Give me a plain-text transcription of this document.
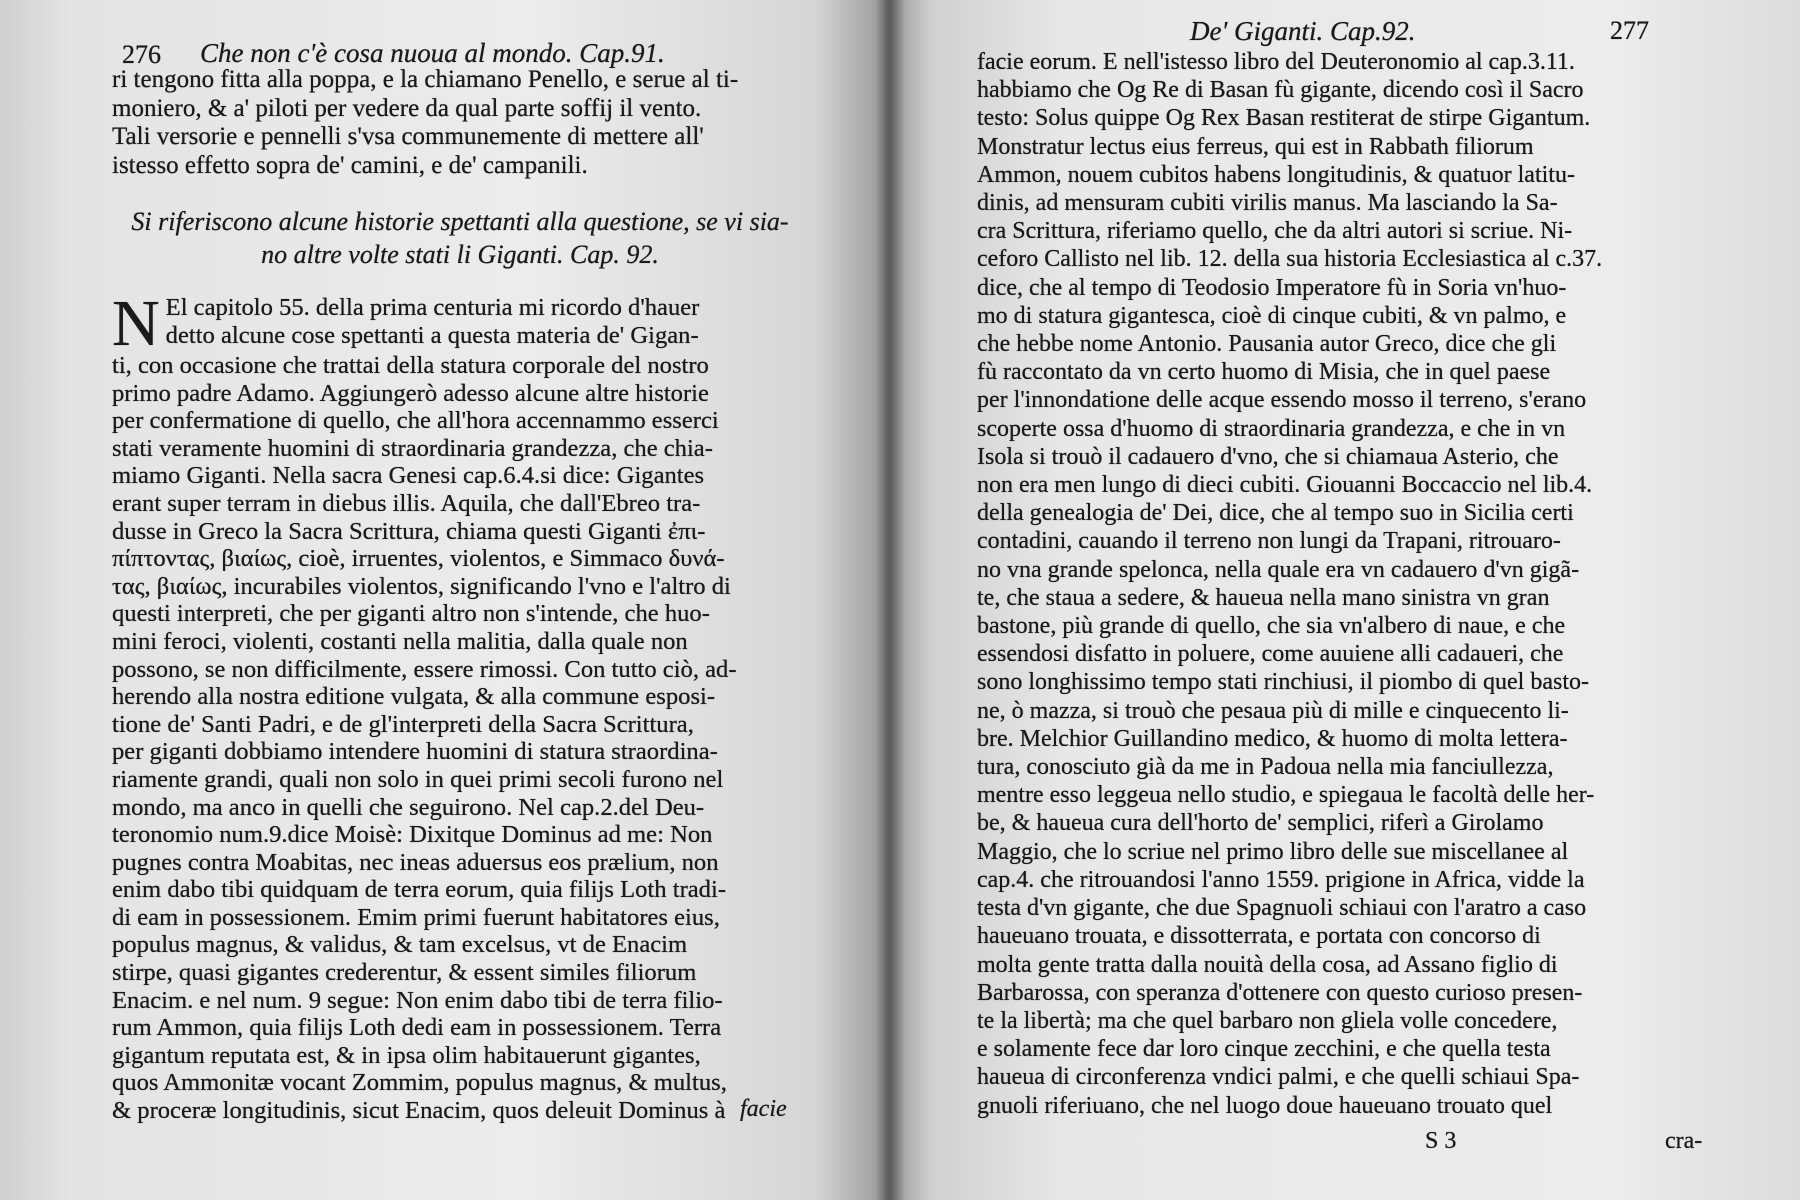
276 Che non c'è cosa nuoua al mondo. Cap.91.
ri tengono fitta alla poppa, e la chiamano Penello, e serue al ti-
moniero, & a' piloti per vedere da qual parte soffij il vento.
Tali versorie e pennelli s'vsa communemente di mettere all'
istesso effetto sopra de' camini, e de' campanili.
Si riferiscono alcune historie spettanti alla questione, se vi sia-
no altre volte stati li Giganti. Cap. 92.
N El capitolo 55. della prima centuria mi ricordo d'hauer
detto alcune cose spettanti a questa materia de' Gigan-
ti, con occasione che trattai della statura corporale del nostro
primo padre Adamo. Aggiungerò adesso alcune altre historie
per confermatione di quello, che all'hora accennammo esserci
stati veramente huomini di straordinaria grandezza, che chia-
miamo Giganti. Nella sacra Genesi cap.6.4.si dice: Gigantes
erant super terram in diebus illis. Aquila, che dall'Ebreo tra-
dusse in Greco la Sacra Scrittura, chiama questi Giganti ἐπι-
πίπτοντας, βιαίως, cioè, irruentes, violentos, e Simmaco δυνά-
τας, βιαίως, incurabiles violentos, significando l'vno e l'altro di
questi interpreti, che per giganti altro non s'intende, che huo-
mini feroci, violenti, costanti nella malitia, dalla quale non
possono, se non difficilmente, essere rimossi. Con tutto ciò, ad-
herendo alla nostra editione vulgata, & alla commune esposi-
tione de' Santi Padri, e de gl'interpreti della Sacra Scrittura,
per giganti dobbiamo intendere huomini di statura straordina-
riamente grandi, quali non solo in quei primi secoli furono nel
mondo, ma anco in quelli che seguirono. Nel cap.2.del Deu-
teronomio num.9.dice Moisè: Dixitque Dominus ad me: Non
pugnes contra Moabitas, nec ineas aduersus eos prælium, non
enim dabo tibi quidquam de terra eorum, quia filijs Loth tradi-
di eam in possessionem. Emim primi fuerunt habitatores eius,
populus magnus, & validus, & tam excelsus, vt de Enacim
stirpe, quasi gigantes crederentur, & essent similes filiorum
Enacim. e nel num. 9 segue: Non enim dabo tibi de terra filio-
rum Ammon, quia filijs Loth dedi eam in possessionem. Terra
gigantum reputata est, & in ipsa olim habitauerunt gigantes,
quos Ammonitæ vocant Zommim, populus magnus, & multus,
& proceræ longitudinis, sicut Enacim, quos deleuit Dominus à facie
De' Giganti. Cap.92.	277
facie eorum. E nell'istesso libro del Deuteronomio al cap.3.11.
habbiamo che Og Re di Basan fù gigante, dicendo così il Sacro
testo: Solus quippe Og Rex Basan restiterat de stirpe Gigantum.
Monstratur lectus eius ferreus, qui est in Rabbath filiorum
Ammon, nouem cubitos habens longitudinis, & quatuor latitu-
dinis, ad mensuram cubiti virilis manus. Ma lasciando la Sa-
cra Scrittura, riferiamo quello, che da altri autori si scriue. Ni-
ceforo Callisto nel lib. 12. della sua historia Ecclesiastica al c.37.
dice, che al tempo di Teodosio Imperatore fù in Soria vn'huo-
mo di statura gigantesca, cioè di cinque cubiti, & vn palmo, e
che hebbe nome Antonio. Pausania autor Greco, dice che gli
fù raccontato da vn certo huomo di Misia, che in quel paese
per l'innondatione delle acque essendo mosso il terreno, s'erano
scoperte ossa d'huomo di straordinaria grandezza, e che in vn
Isola si trouò il cadauero d'vno, che si chiamaua Asterio, che
non era men lungo di dieci cubiti. Giouanni Boccaccio nel lib.4.
della genealogia de' Dei, dice, che al tempo suo in Sicilia certi
contadini, cauando il terreno non lungi da Trapani, ritrouaro-
no vna grande spelonca, nella quale era vn cadauero d'vn gigã-
te, che staua a sedere, & haueua nella mano sinistra vn gran
bastone, più grande di quello, che sia vn'albero di naue, e che
essendosi disfatto in poluere, come auuiene alli cadaueri, che
sono longhissimo tempo stati rinchiusi, il piombo di quel basto-
ne, ò mazza, si trouò che pesaua più di mille e cinquecento li-
bre. Melchior Guillandino medico, & huomo di molta lettera-
tura, conosciuto già da me in Padoua nella mia fanciullezza,
mentre esso leggeua nello studio, e spiegaua le facoltà delle her-
be, & haueua cura dell'horto de' semplici, riferì a Girolamo
Maggio, che lo scriue nel primo libro delle sue miscellanee al
cap.4. che ritrouandosi l'anno 1559. prigione in Africa, vidde la
testa d'vn gigante, che due Spagnuoli schiaui con l'aratro a caso
haueuano trouata, e dissotterrata, e portata con concorso di
molta gente tratta dalla nouità della cosa, ad Assano figlio di
Barbarossa, con speranza d'ottenere con questo curioso presen-
te la libertà; ma che quel barbaro non gliela volle concedere,
e solamente fece dar loro cinque zecchini, e che quella testa
haueua di circonferenza vndici palmi, e che quelli schiaui Spa-
gnuoli riferiuano, che nel luogo doue haueuano trouato quel
S 3	cra-
